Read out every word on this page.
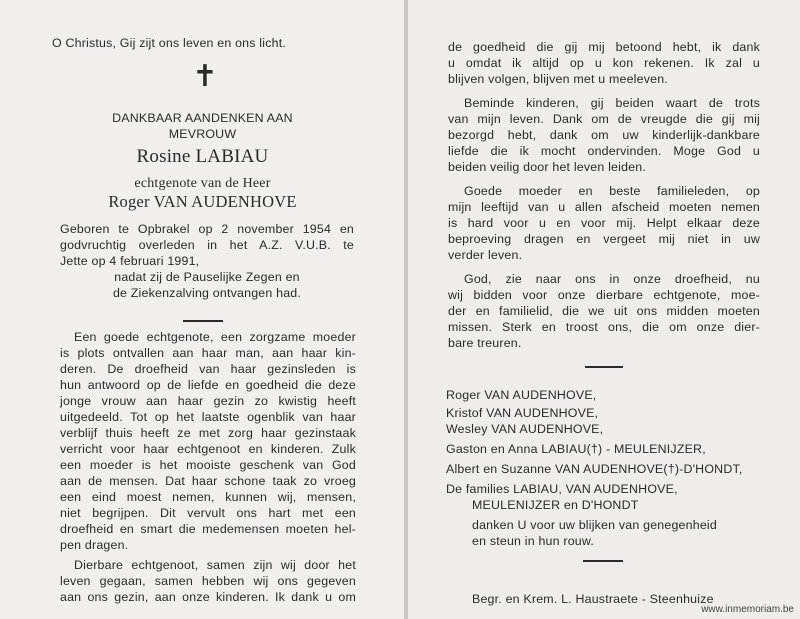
O Christus, Gij zijt ons leven en ons licht.
✝
DANKBAAR AANDENKEN AAN
MEVROUW
Rosine LABIAU
echtgenote van de Heer
Roger VAN AUDENHOVE
Geboren te Opbrakel op 2 november 1954 en
godvruchtig overleden in het A.Z. V.U.B. te
Jette op 4 februari 1991,
nadat zij de Pauselijke Zegen en
de Ziekenzalving ontvangen had.
Een goede echtgenote, een zorgzame moeder
is plots ontvallen aan haar man, aan haar kin-
deren. De droefheid van haar gezinsleden is
hun antwoord op de liefde en goedheid die deze
jonge vrouw aan haar gezin zo kwistig heeft
uitgedeeld. Tot op het laatste ogenblik van haar
verblijf thuis heeft ze met zorg haar gezinstaak
verricht voor haar echtgenoot en kinderen. Zulk
een moeder is het mooiste geschenk van God
aan de mensen. Dat haar schone taak zo vroeg
een eind moest nemen, kunnen wij, mensen,
niet begrijpen. Dit vervult ons hart met een
droefheid en smart die medemensen moeten hel-
pen dragen.
Dierbare echtgenoot, samen zijn wij door het
leven gegaan, samen hebben wij ons gegeven
aan ons gezin, aan onze kinderen. Ik dank u om
de goedheid die gij mij betoond hebt, ik dank
u omdat ik altijd op u kon rekenen. Ik zal u
blijven volgen, blijven met u meeleven.
Beminde kinderen, gij beiden waart de trots
van mijn leven. Dank om de vreugde die gij mij
bezorgd hebt, dank om uw kinderlijk-dankbare
liefde die ik mocht ondervinden. Moge God u
beiden veilig door het leven leiden.
Goede moeder en beste familieleden, op
mijn leeftijd van u allen afscheid moeten nemen
is hard voor u en voor mij. Helpt elkaar deze
beproeving dragen en vergeet mij niet in uw
verder leven.
God, zie naar ons in onze droefheid, nu
wij bidden voor onze dierbare echtgenote, moe-
der en familielid, die we uit ons midden moeten
missen. Sterk en troost ons, die om onze dier-
bare treuren.
Roger VAN AUDENHOVE,
Kristof VAN AUDENHOVE,
Wesley VAN AUDENHOVE,
Gaston en Anna LABIAU(†) - MEULENIJZER,
Albert en Suzanne VAN AUDENHOVE(†)-D'HONDT,
De families LABIAU, VAN AUDENHOVE,
MEULENIJZER en D'HONDT
danken U voor uw blijken van genegenheid
en steun in hun rouw.
Begr. en Krem. L. Haustraete - Steenhuize
www.inmemoriam.be
